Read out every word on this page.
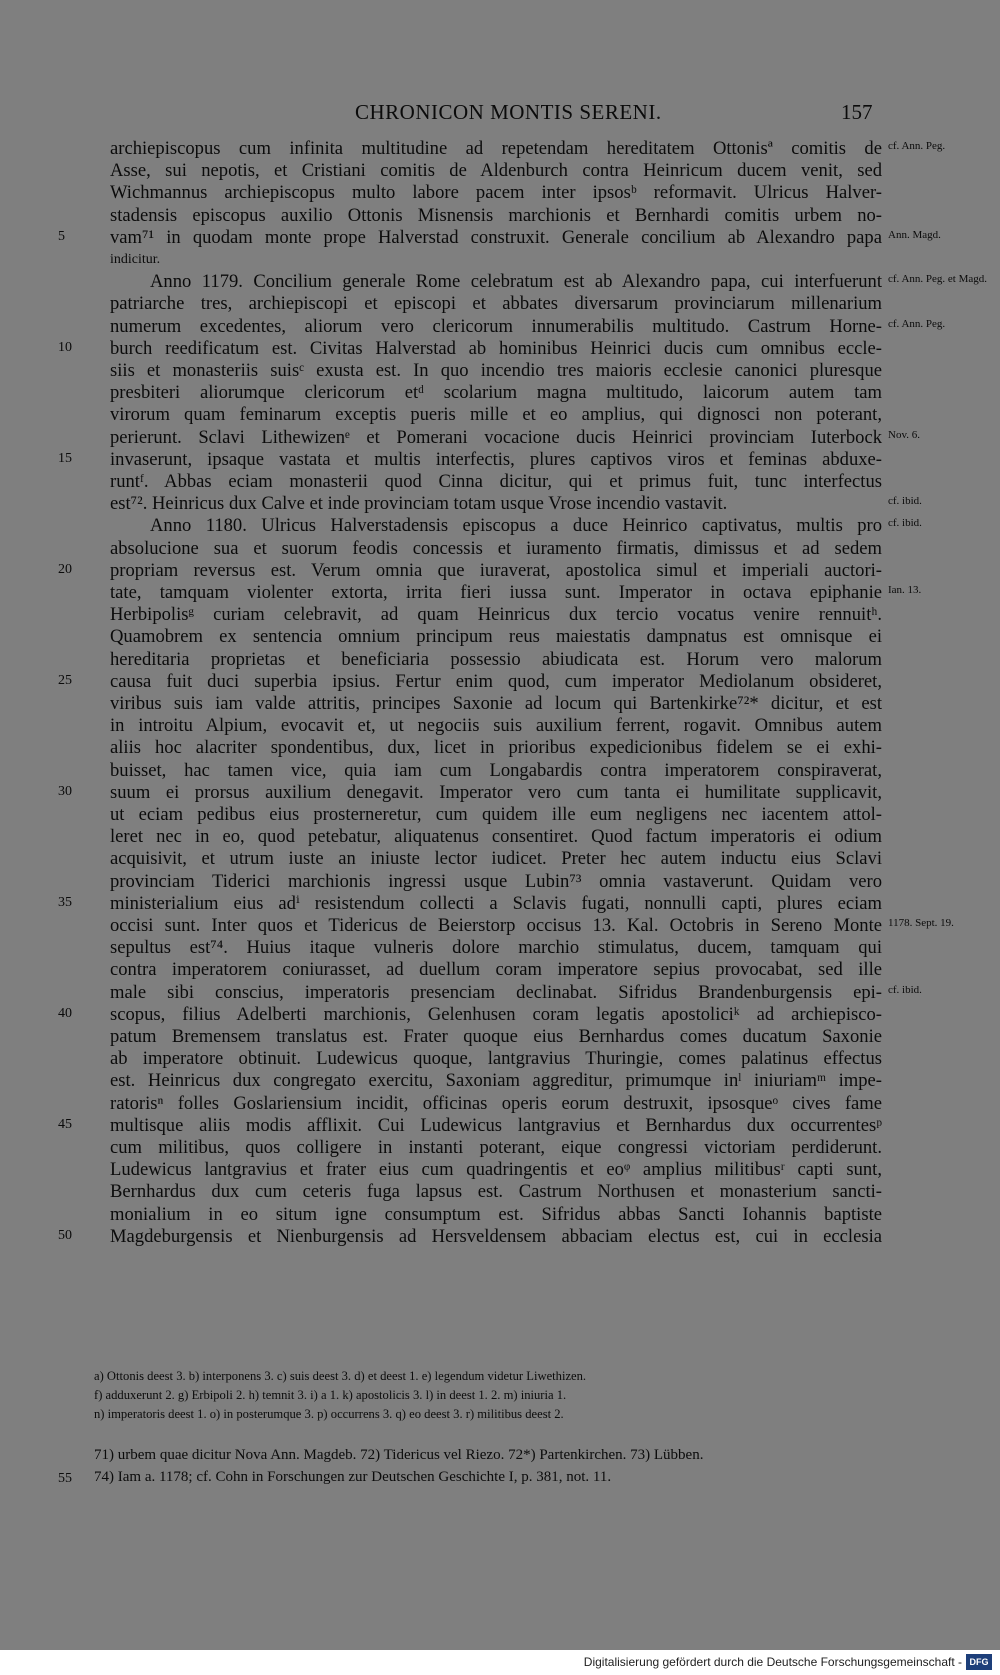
CHRONICON MONTIS SERENI.	157
archiepiscopus cum infinita multitudine ad repetendam hereditatem Ottonisª comitis de cf. Ann. Peg.
Asse, sui nepotis, et Cristiani comitis de Aldenburch contra Heinricum ducem venit, sed
Wichmannus archiepiscopus multo labore pacem inter ipsosᵇ reformavit. Ulricus Halver-
stadensis episcopus auxilio Ottonis Misnensis marchionis et Bernhardi comitis urbem no-
5	vam⁷¹ in quodam monte prope Halverstad construxit. Generale concilium ab Alexandro papa Ann. Magd.
indicitur.
Anno 1179. Concilium generale Rome celebratum est ab Alexandro papa, cui interfuerunt cf. Ann. Peg. et Magd.
patriarche tres, archiepiscopi et episcopi et abbates diversarum provinciarum millenarium
numerum excedentes, aliorum vero clericorum innumerabilis multitudo. Castrum Horne- cf. Ann. Peg.
10	burch reedificatum est. Civitas Halverstad ab hominibus Heinrici ducis cum omnibus eccle-
siis et monasteriis suisᶜ exusta est. In quo incendio tres maioris ecclesie canonici pluresque
presbiteri aliorumque clericorum etᵈ scolarium magna multitudo, laicorum autem tam
virorum quam feminarum exceptis pueris mille et eo amplius, qui dignosci non poterant,
perierunt. Sclavi Lithewizenᵉ et Pomerani vocacione ducis Heinrici provinciam Iuterbock Nov. 6.
15	invaserunt, ipsaque vastata et multis interfectis, plures captivos viros et feminas abduxe-
runtᶠ. Abbas eciam monasterii quod Cinna dicitur, qui et primus fuit, tunc interfectus
est⁷². Heinricus dux Calve et inde provinciam totam usque Vrose incendio vastavit.	cf. ibid.
Anno 1180. Ulricus Halverstadensis episcopus a duce Heinrico captivatus, multis pro cf. ibid.
absolucione sua et suorum feodis concessis et iuramento firmatis, dimissus et ad sedem
20	propriam reversus est. Verum omnia que iuraverat, apostolica simul et imperiali auctori-
tate, tamquam violenter extorta, irrita fieri iussa sunt. Imperator in octava epiphanie Ian. 13.
Herbipolisᵍ curiam celebravit, ad quam Heinricus dux tercio vocatus venire rennuitʰ.
Quamobrem ex sentencia omnium principum reus maiestatis dampnatus est omnisque ei
hereditaria proprietas et beneficiaria possessio abiudicata est. Horum vero malorum
25	causa fuit duci superbia ipsius. Fertur enim quod, cum imperator Mediolanum obsideret,
viribus suis iam valde attritis, principes Saxonie ad locum qui Bartenkirke⁷²* dicitur, et est
in introitu Alpium, evocavit et, ut negociis suis auxilium ferrent, rogavit. Omnibus autem
aliis hoc alacriter spondentibus, dux, licet in prioribus expedicionibus fidelem se ei exhi-
buisset, hac tamen vice, quia iam cum Longabardis contra imperatorem conspiraverat,
30	suum ei prorsus auxilium denegavit. Imperator vero cum tanta ei humilitate supplicavit,
ut eciam pedibus eius prosterneretur, cum quidem ille eum negligens nec iacentem attol-
leret nec in eo, quod petebatur, aliquatenus consentiret. Quod factum imperatoris ei odium
acquisivit, et utrum iuste an iniuste lector iudicet. Preter hec autem inductu eius Sclavi
provinciam Tiderici marchionis ingressi usque Lubin⁷³ omnia vastaverunt. Quidam vero
35	ministerialium eius adⁱ resistendum collecti a Sclavis fugati, nonnulli capti, plures eciam
occisi sunt. Inter quos et Tidericus de Beierstorp occisus 13. Kal. Octobris in Sereno Monte 1178. Sept. 19.
sepultus est⁷⁴. Huius itaque vulneris dolore marchio stimulatus, ducem, tamquam qui
contra imperatorem coniurasset, ad duellum coram imperatore sepius provocabat, sed ille
male sibi conscius, imperatoris presenciam declinabat. Sifridus Brandenburgensis epi- cf. ibid.
40	scopus, filius Adelberti marchionis, Gelenhusen coram legatis apostoliciᵏ ad archiepisco-
patum Bremensem translatus est. Frater quoque eius Bernhardus comes ducatum Saxonie
ab imperatore obtinuit. Ludewicus quoque, lantgravius Thuringie, comes palatinus effectus
est. Heinricus dux congregato exercitu, Saxoniam aggreditur, primumque inˡ iniuriamᵐ impe-
ratorisⁿ folles Goslariensium incidit, officinas operis eorum destruxit, ipsosqueᵒ cives fame
45	multisque aliis modis afflixit. Cui Ludewicus lantgravius et Bernhardus dux occurrentesᵖ
cum militibus, quos colligere in instanti poterant, eique congressi victoriam perdiderunt.
Ludewicus lantgravius et frater eius cum quadringentis et eoᵠ amplius militibusʳ capti sunt,
Bernhardus dux cum ceteris fuga lapsus est. Castrum Northusen et monasterium sancti-
monialium in eo situm igne consumptum est. Sifridus abbas Sancti Iohannis baptiste
50	Magdeburgensis et Nienburgensis ad Hersveldensem abbaciam electus est, cui in ecclesia
a) Ottonis deest 3. b) interponens 3. c) suis deest 3. d) et deest 1. e) legendum videtur Liwethizen.
f) adduxerunt 2. g) Erbipoli 2. h) temnit 3. i) a 1. k) apostolicis 3. l) in deest 1. 2. m) iniuria 1.
n) imperatoris deest 1. o) in posterumque 3. p) occurrens 3. q) eo deest 3. r) militibus deest 2.
71) urbem quae dicitur Nova Ann. Magdeb. 72) Tidericus vel Riezo. 72*) Partenkirchen. 73) Lübben.
74) Iam a. 1178; cf. Cohn in Forschungen zur Deutschen Geschichte I, p. 381, not. 11.
55
Digitalisierung gefördert durch die Deutsche Forschungsgemeinschaft - DFG
